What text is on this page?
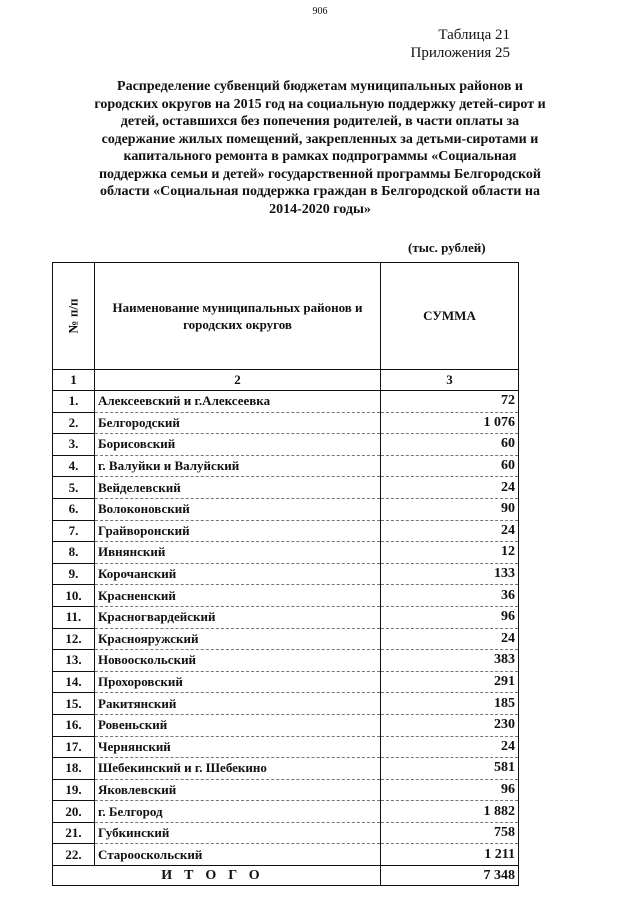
906
Таблица 21
Приложения 25
Распределение субвенций бюджетам муниципальных районов и
городских округов на 2015 год на социальную поддержку детей-сирот и
детей, оставшихся без попечения родителей, в части оплаты за
содержание жилых помещений, закрепленных за детьми-сиротами и
капитального ремонта в рамках подпрограммы «Социальная
поддержка семьи и детей» государственной программы Белгородской
области «Социальная поддержка граждан в Белгородской области на
2014-2020 годы»
(тыс. рублей)
№ п/п	Наименование муниципальных районов и городских округов	СУММА
1	2	3
1.	Алексеевский и г.Алексеевка	72
2.	Белгородский	1 076
3.	Борисовский	60
4.	г. Валуйки и Валуйский	60
5.	Вейделевский	24
6.	Волоконовский	90
7.	Грайворонский	24
8.	Ивнянский	12
9.	Корочанский	133
10.	Красненский	36
11.	Красногвардейский	96
12.	Краснояружский	24
13.	Новооскольский	383
14.	Прохоровский	291
15.	Ракитянский	185
16.	Ровеньский	230
17.	Чернянский	24
18.	Шебекинский и г. Шебекино	581
19.	Яковлевский	96
20.	г. Белгород	1 882
21.	Губкинский	758
22.	Старооскольский	1 211
ИТОГО		7 348
